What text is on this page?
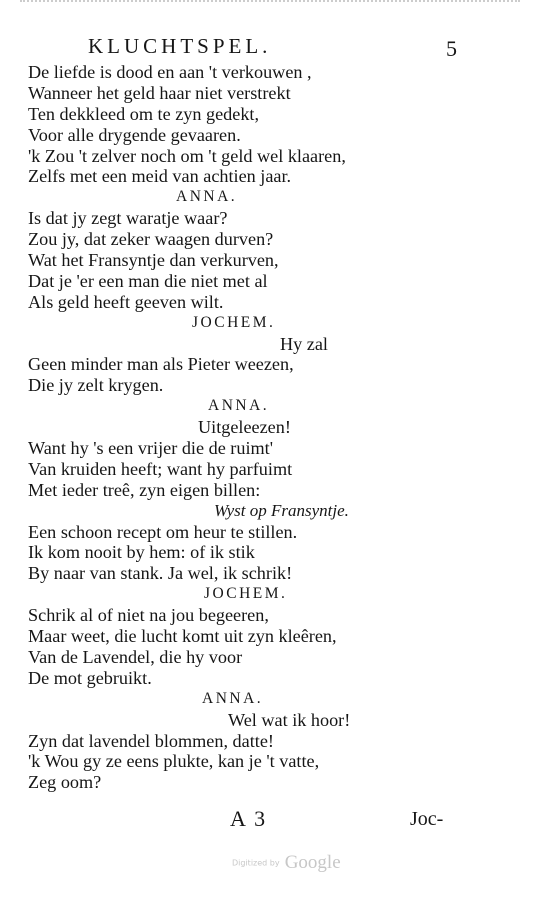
KLUCHTSPEL.	5
De liefde is dood en aan 't verkouwen ,
Wanneer het geld haar niet verstrekt
Ten dekkleed om te zyn gedekt,
Voor alle drygende gevaaren.
'k Zou 't zelver noch om 't geld wel klaaren,
Zelfs met een meid van achtien jaar.
ANNA.
Is dat jy zegt waratje waar?
Zou jy, dat zeker waagen durven?
Wat het Fransyntje dan verkurven,
Dat je 'er een man die niet met al
Als geld heeft geeven wilt.
JOCHEM.
Hy zal
Geen minder man als Pieter weezen,
Die jy zelt krygen.
ANNA.
Uitgeleezen!
Want hy 's een vrijer die de ruimt'
Van kruiden heeft; want hy parfuimt
Met ieder treê, zyn eigen billen:
Wyst op Fransyntje.
Een schoon recept om heur te stillen.
Ik kom nooit by hem: of ik stik
By naar van stank. Ja wel, ik schrik!
JOCHEM.
Schrik al of niet na jou begeeren,
Maar weet, die lucht komt uit zyn kleêren,
Van de Lavendel, die hy voor
De mot gebruikt.
ANNA.
Wel wat ik hoor!
Zyn dat lavendel blommen, datte!
'k Wou gy ze eens plukte, kan je 't vatte,
Zeg oom?
A 3	Joc-
Digitized by Google
